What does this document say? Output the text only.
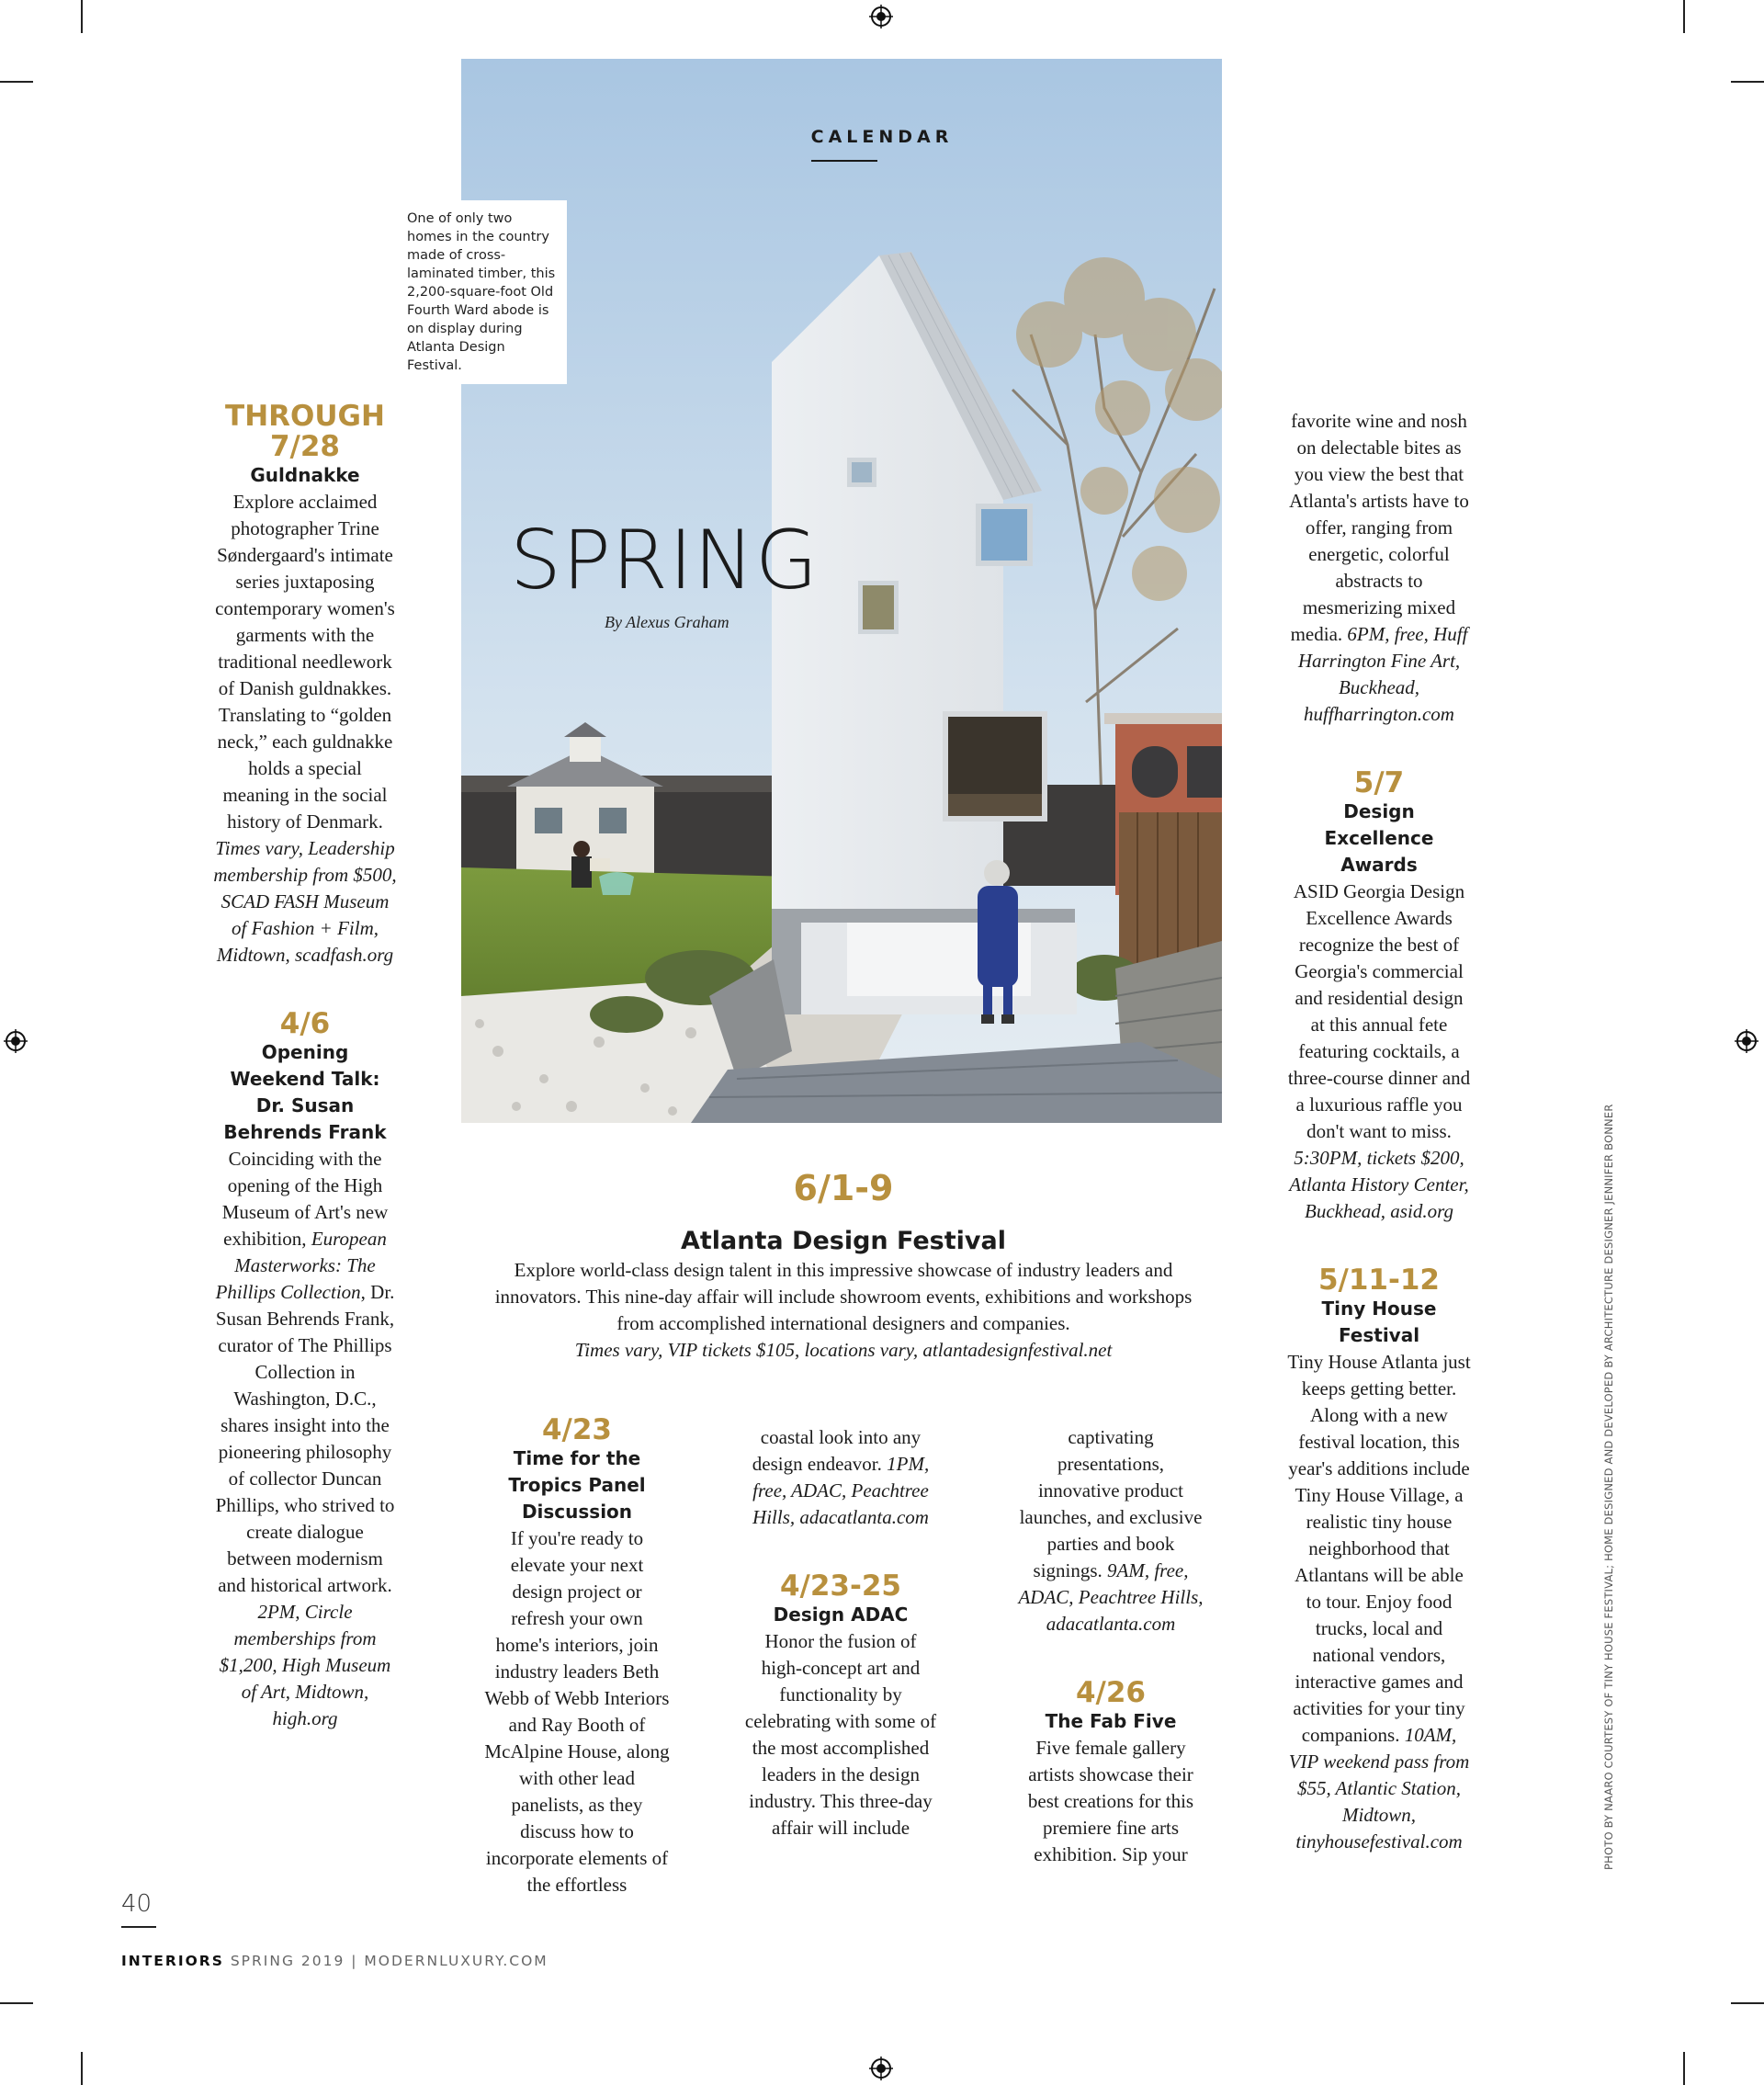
CALENDAR
One of only two homes in the country made of cross-laminated timber, this 2,200-square-foot Old Fourth Ward abode is on display during Atlanta Design Festival.
SPRING
By Alexus Graham
THROUGH
7/28
Guldnakke
Explore acclaimed photographer Trine Søndergaard's intimate series juxtaposing contemporary women's garments with the traditional needlework of Danish guldnakkes. Translating to “golden neck,” each guldnakke holds a special meaning in the social history of Denmark. Times vary, Leadership membership from $500, SCAD FASH Museum of Fashion + Film, Midtown, scadfash.org
4/6
Opening Weekend Talk: Dr. Susan Behrends Frank
Coinciding with the opening of the High Museum of Art's new exhibition, European Masterworks: The Phillips Collection, Dr. Susan Behrends Frank, curator of The Phillips Collection in Washington, D.C., shares insight into the pioneering philosophy of collector Duncan Phillips, who strived to create dialogue between modernism and historical artwork. 2PM, Circle memberships from $1,200, High Museum of Art, Midtown, high.org
6/1-9
Atlanta Design Festival
Explore world-class design talent in this impressive showcase of industry leaders and innovators. This nine-day affair will include showroom events, exhibitions and workshops from accomplished international designers and companies.
Times vary, VIP tickets $105, locations vary, atlantadesignfestival.net
4/23
Time for the Tropics Panel Discussion
If you're ready to elevate your next design project or refresh your own home's interiors, join industry leaders Beth Webb of Webb Interiors and Ray Booth of McAlpine House, along with other lead panelists, as they discuss how to incorporate elements of the effortless
coastal look into any design endeavor. 1PM, free, ADAC, Peachtree Hills, adacatlanta.com
4/23-25
Design ADAC
Honor the fusion of high-concept art and functionality by celebrating with some of the most accomplished leaders in the design industry. This three-day affair will include
captivating presentations, innovative product launches, and exclusive parties and book signings. 9AM, free, ADAC, Peachtree Hills, adacatlanta.com
4/26
The Fab Five
Five female gallery artists showcase their best creations for this premiere fine arts exhibition. Sip your
favorite wine and nosh on delectable bites as you view the best that Atlanta's artists have to offer, ranging from energetic, colorful abstracts to mesmerizing mixed media. 6PM, free, Huff Harrington Fine Art, Buckhead, huffharrington.com
5/7
Design Excellence Awards
ASID Georgia Design Excellence Awards recognize the best of Georgia's commercial and residential design at this annual fete featuring cocktails, a three-course dinner and a luxurious raffle you don't want to miss. 5:30PM, tickets $200, Atlanta History Center, Buckhead, asid.org
5/11-12
Tiny House Festival
Tiny House Atlanta just keeps getting better. Along with a new festival location, this year's additions include Tiny House Village, a realistic tiny house neighborhood that Atlantans will be able to tour. Enjoy food trucks, local and national vendors, interactive games and activities for your tiny companions. 10AM, VIP weekend pass from $55, Atlantic Station, Midtown, tinyhousefestival.com	PHOTO BY NAARO COURTESY OF TINY HOUSE FESTIVAL; HOME DESIGNED AND DEVELOPED BY ARCHITECTURE DESIGNER JENNIFER BONNER
40
INTERIORS SPRING 2019 | MODERNLUXURY.COM
